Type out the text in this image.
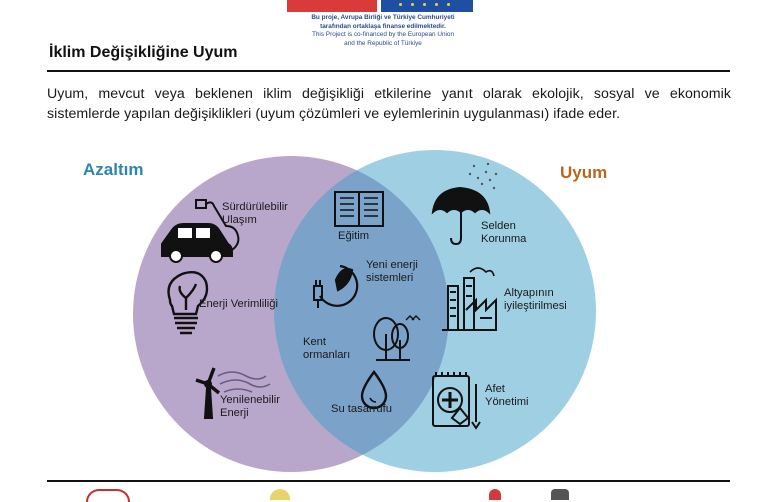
Bu proje, Avrupa Birliği ve Türkiye Cumhuriyeti
tarafından ortaklaşa finanse edilmektedir.
This Project is co-financed by the European Union
and the Republic of Türkiye
İklim Değişikliğine Uyum
Uyum, mevcut veya beklenen iklim değişikliği etkilerine yanıt olarak ekolojik, sosyal ve ekonomik
sistemlerde yapılan değişiklikleri (uyum çözümleri ve eylemlerinin uygulanması) ifade eder.
Azaltım	Uyum
Sürdürülebilir
Ulaşım
Enerji Verimliliği
Yenilenebilir
Enerji
Eğitim
Yeni enerji
sistemleri
Kent
ormanları
Su tasarrufu
Selden
Korunma
Altyapının
iyileştirilmesi
Afet
Yönetimi
